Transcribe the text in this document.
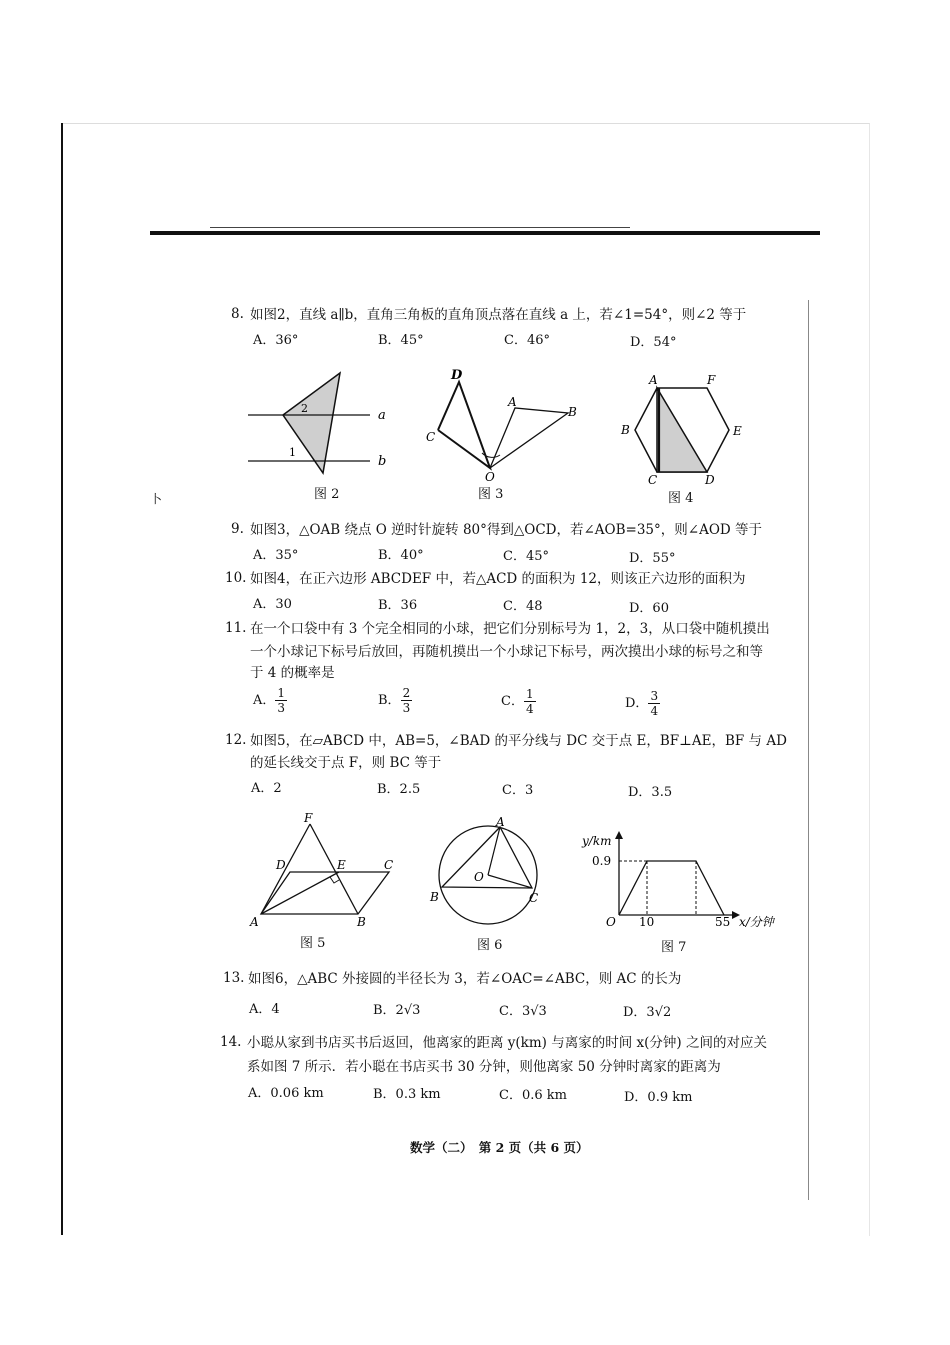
卜
8. 如图2，直线 a∥b，直角三角板的直角顶点落在直线 a 上，若∠1=54°，则∠2 等于
A．36°	B．45°	C．46°	D．54°
2
1
a
b
图 2
D
A
B
C
O
图 3
A	F
B	E
C	D
图 4
9. 如图3，△OAB 绕点 O 逆时针旋转 80°得到△OCD，若∠AOB=35°，则∠AOD 等于
A．35°	B．40°	C．45°	D．55°
10. 如图4，在正六边形 ABCDEF 中，若△ACD 的面积为 12，则该正六边形的面积为
A．30	B．36	C．48	D．60
11. 在一个口袋中有 3 个完全相同的小球，把它们分别标号为 1，2，3，从口袋中随机摸出
一个小球记下标号后放回，再随机摸出一个小球记下标号，两次摸出小球的标号之和等
于 4 的概率是
A． $\frac{1}{3}$	B． $\frac{2}{3}$	C． $\frac{1}{4}$	D． $\frac{3}{4}$
12. 如图5，在▱ABCD 中，AB=5，∠BAD 的平分线与 DC 交于点 E，BF⊥AE，BF 与 AD
的延长线交于点 F，则 BC 等于
A．2	B．2.5	C．3	D．3.5
F
D	E	C
A	B
图 5
A
O
B	C
图 6
y/km
0.9
O 10	55 x/分钟
图 7
13. 如图6，△ABC 外接圆的半径长为 3，若∠OAC=∠ABC，则 AC 的长为
A．4	B．2√3	C．3√3	D．3√2
14. 小聪从家到书店买书后返回，他离家的距离 y(km) 与离家的时间 x(分钟) 之间的对应关
系如图 7 所示．若小聪在书店买书 30 分钟，则他离家 50 分钟时离家的距离为
A．0.06 km	B．0.3 km	C．0.6 km	D．0.9 km
数学（二）　第 2 页（共 6 页）
